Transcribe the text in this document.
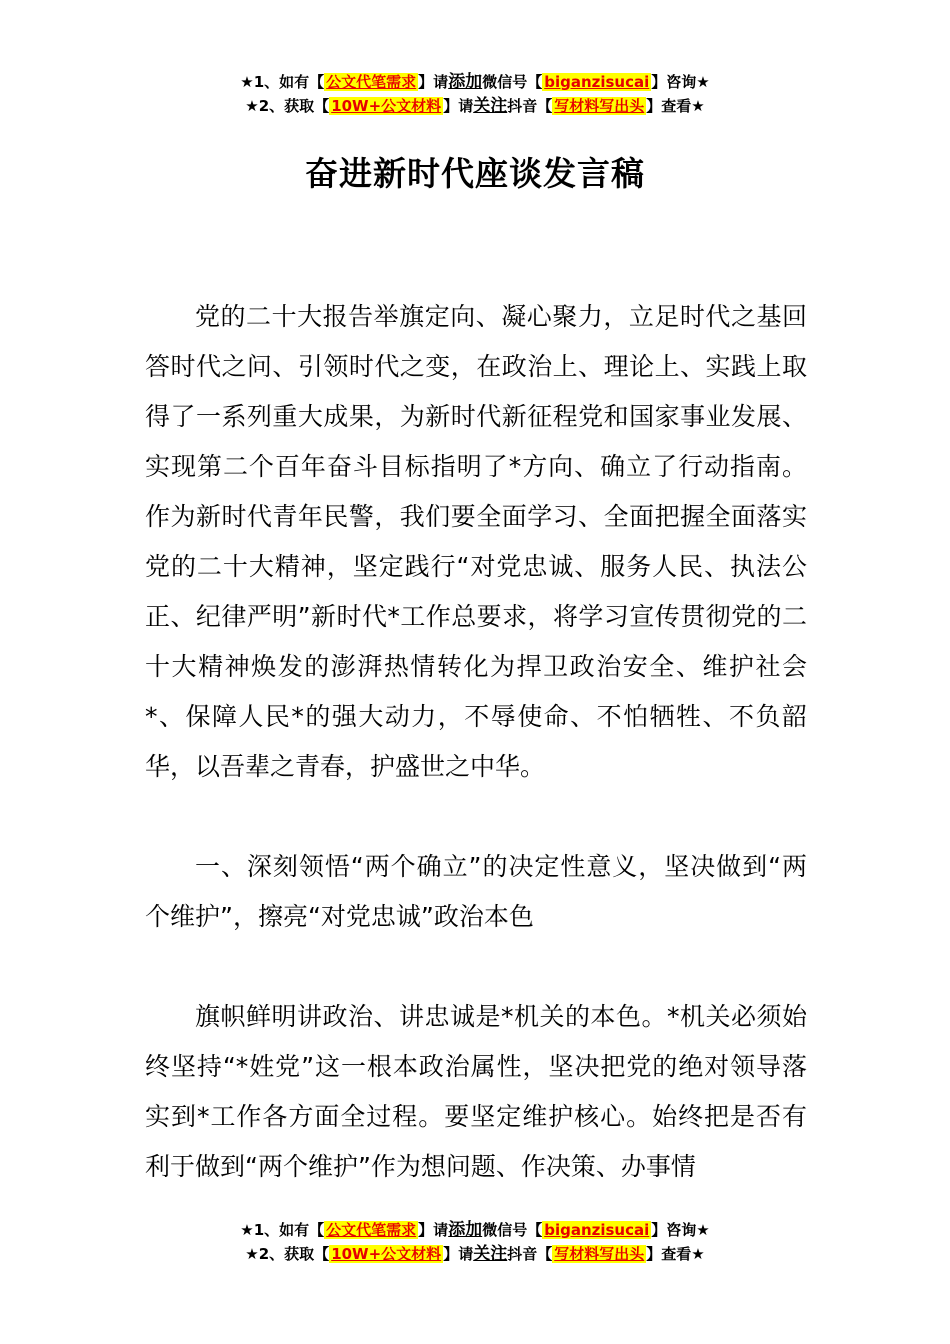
★1、如有【 公文代笔需求 】请添加微信号【 biganzisucai 】咨询★
★2、获取【 10W+公文材料 】请关注抖音【 写材料写出头 】查看★
奋进新时代座谈发言稿

党的二十大报告举旗定向、凝心聚力，立足时代之基回答时代之问、引领时代之变，在政治上、理论上、实践上取得了一系列重大成果，为新时代新征程党和国家事业发展、实现第二个百年奋斗目标指明了*方向、确立了行动指南。作为新时代青年民警，我们要全面学习、全面把握全面落实党的二十大精神，坚定践行“对党忠诚、服务人民、执法公正、纪律严明”新时代*工作总要求，将学习宣传贯彻党的二十大精神焕发的澎湃热情转化为捍卫政治安全、维护社会*、保障人民*的强大动力，不辱使命、不怕牺牲、不负韶华，以吾辈之青春，护盛世之中华。

一、深刻领悟“两个确立”的决定性意义，坚决做到“两个维护”，擦亮“对党忠诚”政治本色

旗帜鲜明讲政治、讲忠诚是*机关的本色。*机关必须始终坚持“*姓党”这一根本政治属性，坚决把党的绝对领导落实到*工作各方面全过程。要坚定维护核心。始终把是否有利于做到“两个维护”作为想问题、作决策、办事情

★1、如有【 公文代笔需求 】请添加微信号【 biganzisucai 】咨询★
★2、获取【 10W+公文材料 】请关注抖音【 写材料写出头 】查看★
